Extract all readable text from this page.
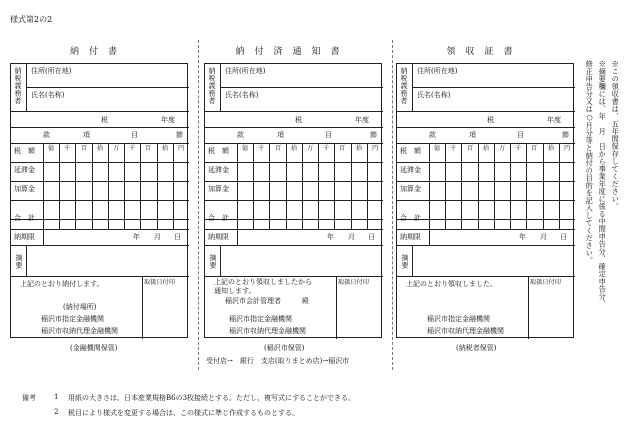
様式第2の2
※この領収書は、五年間保存してください。
※摘要欄には、年　月　日から事業年度に係る中間申告分、確定申告分、
修正申告分又は○月分等と納付の目的を記入してください。
備考	1 用紙の大きさは、日本産業規格B6の3枚接続とする。ただし、複写式にすることができる。
2 税目により様式を変更する場合は、この様式に準じ作成するものとする。
納付書
納税義務者 住所(所在地)
氏名(名称)
税	年度
款	項	目	節
億 千 百 拾 万 千 百 拾 円
税　額
延滞金
加算金
合　計
納期限	年 月 日
摘要
取扱日付印
上記のとおり納付します。
(納付場所)
稲沢市指定金融機関
稲沢市収納代理金融機関
(金融機関保管)
納付済通知書
納税義務者 住所(所在地)
氏名(名称)
税	年度
款	項	目	節
億 千 百 拾 万 千 百 拾 円
税　額
延滞金
加算金
合　計
納期限	年 月 日
摘要
取扱日付印
上記のとおり領収しましたから
通知します。
稲沢市会計管理者　　　殿
稲沢市指定金融機関
稲沢市収納代理金融機関
(稲沢市保管)
受付店→　銀行　支店(取りまとめ店)→稲沢市
領収証書
納税義務者 住所(所在地)
氏名(名称)
税	年度
款	項	目	節
億 千 百 拾 万 千 百 拾 円
税　額
延滞金
加算金
合　計
納期限	年 月 日
摘要
取扱日付印
上記のとおり領収しました。
稲沢市指定金融機関
稲沢市収納代理金融機関
(納税者保管)
